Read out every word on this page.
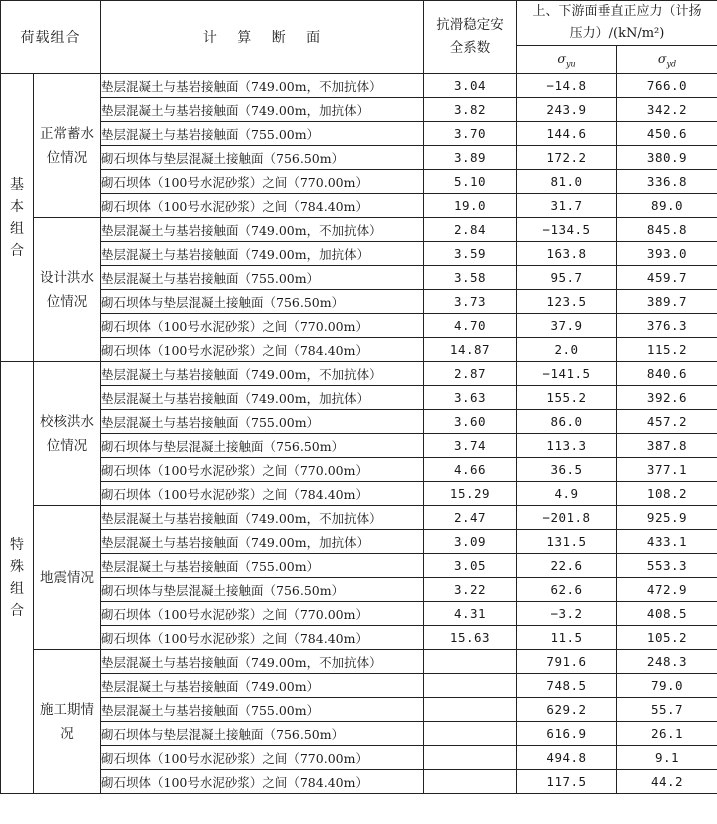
荷载组合		计 算 断 面	抗滑稳定安全系数	上、下游面垂直正应力（计扬压力）/(kN/m²)	

				$\sigma_{yu}$	$\sigma_{yd}$

基本组合	正常蓄水位情况	垫层混凝土与基岩接触面（749.00m，不加抗体）	3.04	−14.8	766.0
		垫层混凝土与基岩接触面（749.00m，加抗体）	3.82	243.9	342.2
		垫层混凝土与基岩接触面（755.00m）	3.70	144.6	450.6
		砌石坝体与垫层混凝土接触面（756.50m）	3.89	172.2	380.9
		砌石坝体（100号水泥砂浆）之间（770.00m）	5.10	81.0	336.8
		砌石坝体（100号水泥砂浆）之间（784.40m）	19.0	31.7	89.0

	设计洪水位情况	垫层混凝土与基岩接触面（749.00m，不加抗体）	2.84	−134.5	845.8
		垫层混凝土与基岩接触面（749.00m，加抗体）	3.59	163.8	393.0
		垫层混凝土与基岩接触面（755.00m）	3.58	95.7	459.7
		砌石坝体与垫层混凝土接触面（756.50m）	3.73	123.5	389.7
		砌石坝体（100号水泥砂浆）之间（770.00m）	4.70	37.9	376.3
		砌石坝体（100号水泥砂浆）之间（784.40m）	14.87	2.0	115.2

特殊组合	校核洪水位情况	垫层混凝土与基岩接触面（749.00m，不加抗体）	2.87	−141.5	840.6
		垫层混凝土与基岩接触面（749.00m，加抗体）	3.63	155.2	392.6
		垫层混凝土与基岩接触面（755.00m）	3.60	86.0	457.2
		砌石坝体与垫层混凝土接触面（756.50m）	3.74	113.3	387.8
		砌石坝体（100号水泥砂浆）之间（770.00m）	4.66	36.5	377.1
		砌石坝体（100号水泥砂浆）之间（784.40m）	15.29	4.9	108.2

	地震情况	垫层混凝土与基岩接触面（749.00m，不加抗体）	2.47	−201.8	925.9
		垫层混凝土与基岩接触面（749.00m，加抗体）	3.09	131.5	433.1
		垫层混凝土与基岩接触面（755.00m）	3.05	22.6	553.3
		砌石坝体与垫层混凝土接触面（756.50m）	3.22	62.6	472.9
		砌石坝体（100号水泥砂浆）之间（770.00m）	4.31	−3.2	408.5
		砌石坝体（100号水泥砂浆）之间（784.40m）	15.63	11.5	105.2

	施工期情况	垫层混凝土与基岩接触面（749.00m，不加抗体）		791.6	248.3
		垫层混凝土与基岩接触面（749.00m）		748.5	79.0
		垫层混凝土与基岩接触面（755.00m）		629.2	55.7
		砌石坝体与垫层混凝土接触面（756.50m）		616.9	26.1
		砌石坝体（100号水泥砂浆）之间（770.00m）		494.8	9.1
		砌石坝体（100号水泥砂浆）之间（784.40m）		117.5	44.2
